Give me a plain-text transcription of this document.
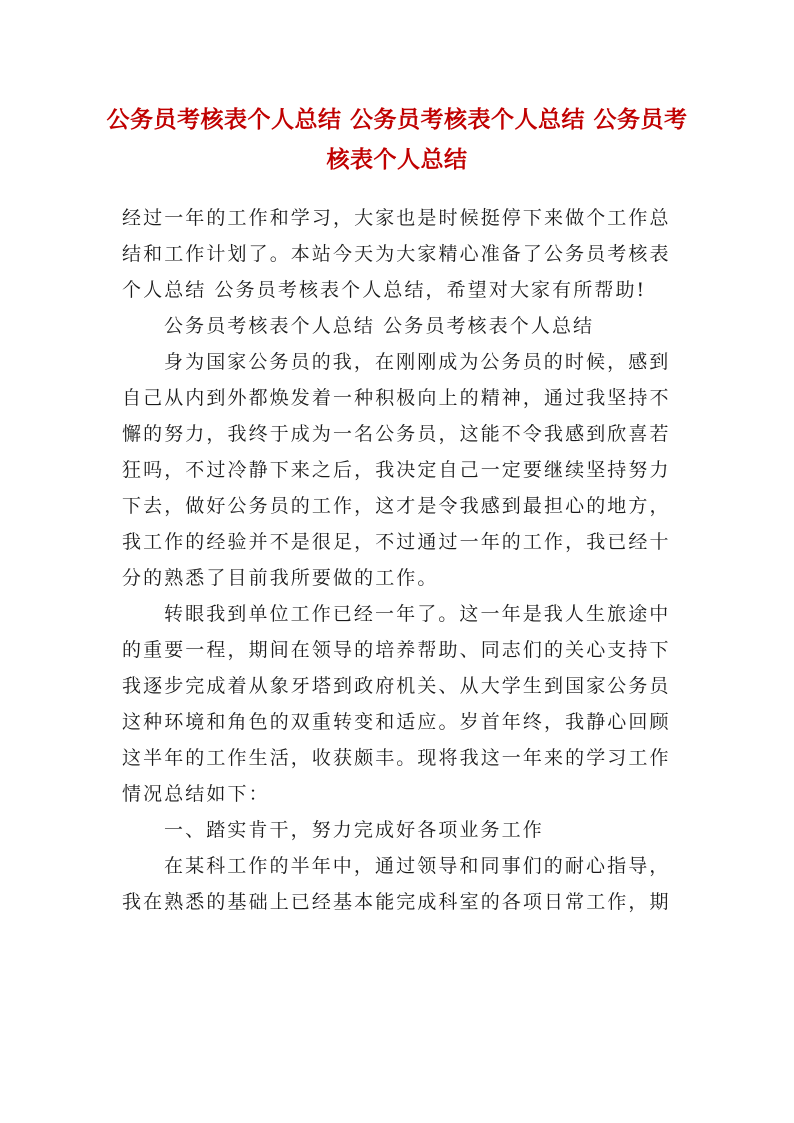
公务员考核表个人总结 公务员考核表个人总结 公务员考核表个人总结

经过一年的工作和学习，大家也是时候挺停下来做个工作总结和工作计划了。本站今天为大家精心准备了公务员考核表个人总结 公务员考核表个人总结，希望对大家有所帮助!

公务员考核表个人总结 公务员考核表个人总结

身为国家公务员的我，在刚刚成为公务员的时候，感到自己从内到外都焕发着一种积极向上的精神，通过我坚持不懈的努力，我终于成为一名公务员，这能不令我感到欣喜若狂吗，不过冷静下来之后，我决定自己一定要继续坚持努力下去，做好公务员的工作，这才是令我感到最担心的地方，我工作的经验并不是很足，不过通过一年的工作，我已经十分的熟悉了目前我所要做的工作。

转眼我到单位工作已经一年了。这一年是我人生旅途中的重要一程，期间在领导的培养帮助、同志们的关心支持下我逐步完成着从象牙塔到政府机关、从大学生到国家公务员这种环境和角色的双重转变和适应。岁首年终，我静心回顾这半年的工作生活，收获颇丰。现将我这一年来的学习工作情况总结如下：

一、踏实肯干，努力完成好各项业务工作

在某科工作的半年中，通过领导和同事们的耐心指导，我在熟悉的基础上已经基本能完成科室的各项日常工作，期
